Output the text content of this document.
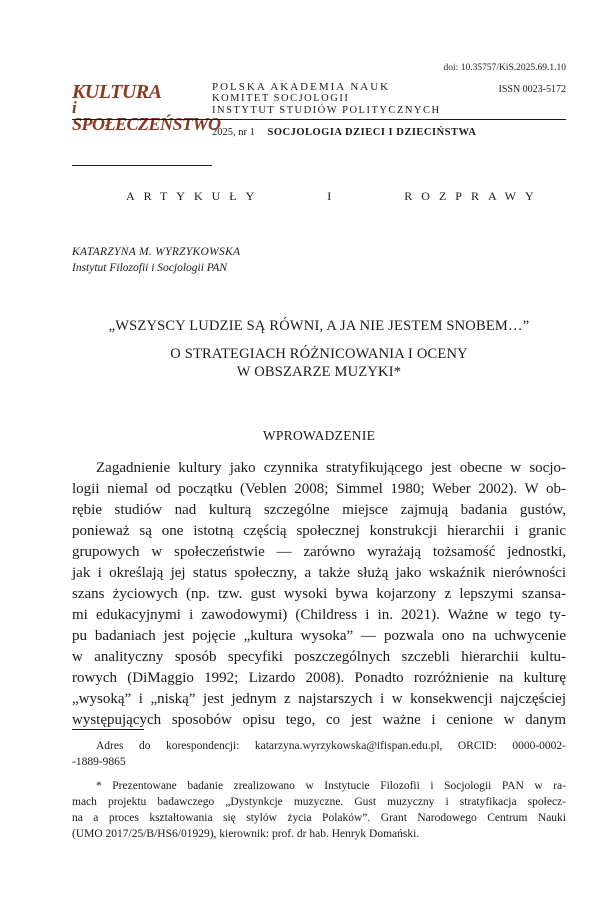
doi: 10.35757/KiS.2025.69.1.10
ISSN 0023-5172
KULTURA
i
SPOŁECZEŃSTWO
POLSKA AKADEMIA NAUK
KOMITET SOCJOLOGII
INSTYTUT STUDIÓW POLITYCZNYCH
2025, nr 1 SOCJOLOGIA DZIECI I DZIECIŃSTWA
ARTYKUŁY	I	ROZPRAWY
KATARZYNA M. WYRZYKOWSKA
Instytut Filozofii i Socjologii PAN
„WSZYSCY LUDZIE SĄ RÓWNI, A JA NIE JESTEM SNOBEM…”
O STRATEGIACH RÓŻNICOWANIA I OCENY
W OBSZARZE MUZYKI*
WPROWADZENIE
Zagadnienie kultury jako czynnika stratyfikującego jest obecne w socjo-
logii niemal od początku (Veblen 2008; Simmel 1980; Weber 2002). W ob-
rębie studiów nad kulturą szczególne miejsce zajmują badania gustów,
ponieważ są one istotną częścią społecznej konstrukcji hierarchii i granic
grupowych w społeczeństwie — zarówno wyrażają tożsamość jednostki,
jak i określają jej status społeczny, a także służą jako wskaźnik nierówności
szans życiowych (np. tzw. gust wysoki bywa kojarzony z lepszymi szansa-
mi edukacyjnymi i zawodowymi) (Childress i in. 2021). Ważne w tego ty-
pu badaniach jest pojęcie „kultura wysoka” — pozwala ono na uchwycenie
w analityczny sposób specyfiki poszczególnych szczebli hierarchii kultu-
rowych (DiMaggio 1992; Lizardo 2008). Ponadto rozróżnienie na kulturę
„wysoką” i „niską” jest jednym z najstarszych i w konsekwencji najczęściej
występujących sposobów opisu tego, co jest ważne i cenione w danym
Adres do korespondencji: katarzyna.wyrzykowska@ifispan.edu.pl, ORCID: 0000-0002-
-1889-9865
* Prezentowane badanie zrealizowano w Instytucie Filozofii i Socjologii PAN w ra-
mach projektu badawczego „Dystynkcje muzyczne. Gust muzyczny i stratyfikacja społecz-
na a proces kształtowania się stylów życia Polaków”. Grant Narodowego Centrum Nauki
(UMO 2017/25/B/HS6/01929), kierownik: prof. dr hab. Henryk Domański.
